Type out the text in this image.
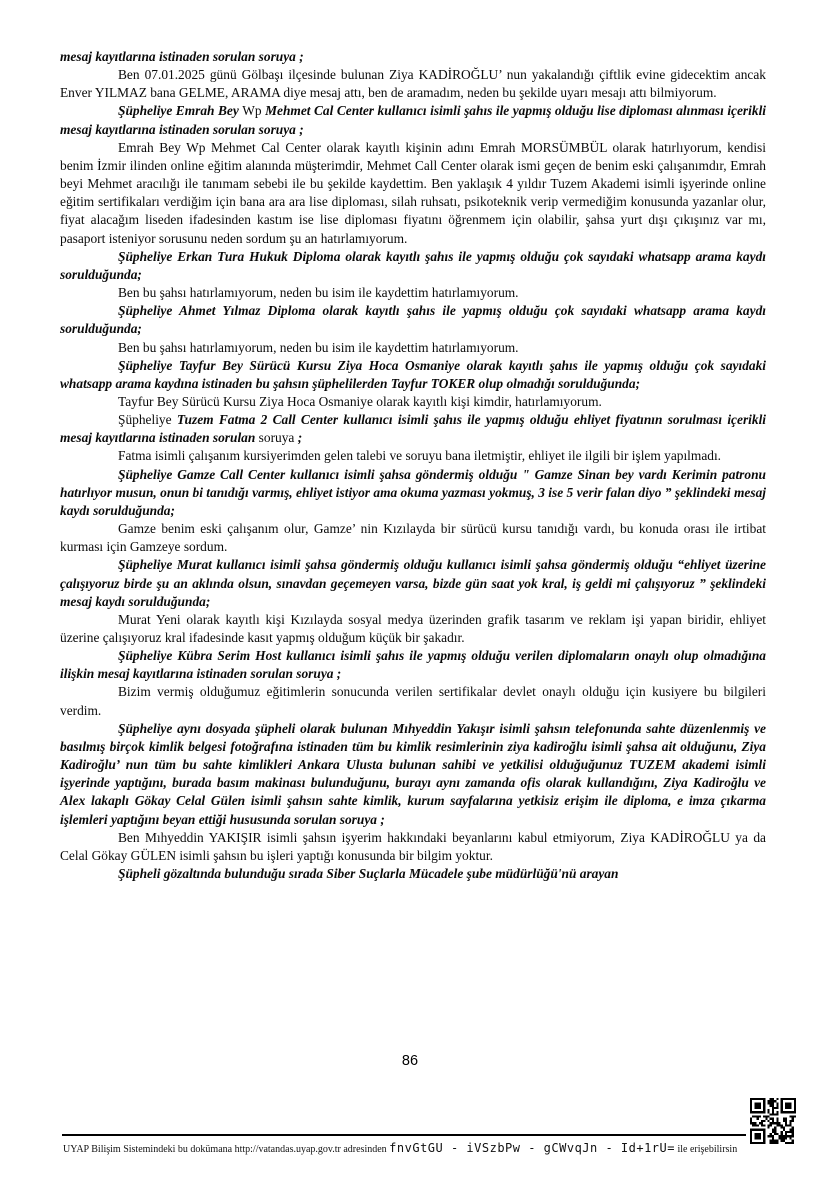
mesaj kayıtlarına istinaden sorulan soruya ;

Ben 07.01.2025 günü Gölbaşı ilçesinde bulunan Ziya KADİROĞLU’ nun yakalandığı çiftlik evine gidecektim ancak Enver YILMAZ bana GELME, ARAMA diye mesaj attı, ben de aramadım, neden bu şekilde uyarı mesajı attı bilmiyorum.

Şüpheliye Emrah Bey Wp Mehmet Cal Center kullanıcı isimli şahıs ile yapmış olduğu lise diploması alınması içerikli mesaj kayıtlarına istinaden sorulan soruya ;

Emrah Bey Wp Mehmet Cal Center olarak kayıtlı kişinin adını Emrah MORSÜMBÜL olarak hatırlıyorum, kendisi benim İzmir ilinden online eğitim alanında müşterimdir, Mehmet Call Center olarak ismi geçen de benim eski çalışanımdır, Emrah beyi Mehmet aracılığı ile tanımam sebebi ile bu şekilde kaydettim. Ben yaklaşık 4 yıldır Tuzem Akademi isimli işyerinde online eğitim sertifikaları verdiğim için bana ara ara lise diploması, silah ruhsatı, psikoteknik verip vermediğim konusunda yazanlar olur, fiyat alacağım liseden ifadesinden kastım ise lise diploması fiyatını öğrenmem için olabilir, şahsa yurt dışı çıkışınız var mı, pasaport isteniyor sorusunu neden sordum şu an hatırlamıyorum.

Şüpheliye Erkan Tura Hukuk Diploma olarak kayıtlı şahıs ile yapmış olduğu çok sayıdaki whatsapp arama kaydı sorulduğunda;

Ben bu şahsı hatırlamıyorum, neden bu isim ile kaydettim hatırlamıyorum.

Şüpheliye Ahmet Yılmaz Diploma olarak kayıtlı şahıs ile yapmış olduğu çok sayıdaki whatsapp arama kaydı sorulduğunda;

Ben bu şahsı hatırlamıyorum, neden bu isim ile kaydettim hatırlamıyorum.

Şüpheliye Tayfur Bey Sürücü Kursu Ziya Hoca Osmaniye olarak kayıtlı şahıs ile yapmış olduğu çok sayıdaki whatsapp arama kaydına istinaden bu şahsın şüphelilerden Tayfur TOKER olup olmadığı sorulduğunda;

Tayfur Bey Sürücü Kursu Ziya Hoca Osmaniye olarak kayıtlı kişi kimdir, hatırlamıyorum.

Şüpheliye Tuzem Fatma 2 Call Center kullanıcı isimli şahıs ile yapmış olduğu ehliyet fiyatının sorulması içerikli mesaj kayıtlarına istinaden sorulan soruya ;

Fatma isimli çalışanım kursiyerimden gelen talebi ve soruyu bana iletmiştir, ehliyet ile ilgili bir işlem yapılmadı.

Şüpheliye Gamze Call Center kullanıcı isimli şahsa göndermiş olduğu " Gamze Sinan bey vardı Kerimin patronu hatırlıyor musun, onun bi tanıdığı varmış, ehliyet istiyor ama okuma yazması yokmuş, 3 ise 5 verir falan diyo ” şeklindeki mesaj kaydı sorulduğunda;

Gamze benim eski çalışanım olur, Gamze’ nin Kızılayda bir sürücü kursu tanıdığı vardı, bu konuda orası ile irtibat kurması için Gamzeye sordum.

Şüpheliye Murat kullanıcı isimli şahsa göndermiş olduğu kullanıcı isimli şahsa göndermiş olduğu “ehliyet üzerine çalışıyoruz birde şu an aklında olsun, sınavdan geçemeyen varsa, bizde gün saat yok kral, iş geldi mi çalışıyoruz ” şeklindeki mesaj kaydı sorulduğunda;

Murat Yeni olarak kayıtlı kişi Kızılayda sosyal medya üzerinden grafik tasarım ve reklam işi yapan biridir, ehliyet üzerine çalışıyoruz kral ifadesinde kasıt yapmış olduğum küçük bir şakadır.

Şüpheliye Kübra Serim Host kullanıcı isimli şahıs ile yapmış olduğu verilen diplomaların onaylı olup olmadığına ilişkin mesaj kayıtlarına istinaden sorulan soruya ;

Bizim vermiş olduğumuz eğitimlerin sonucunda verilen sertifikalar devlet onaylı olduğu için kusiyere bu bilgileri verdim.

Şüpheliye aynı dosyada şüpheli olarak bulunan Mıhyeddin Yakışır isimli şahsın telefonunda sahte düzenlenmiş ve basılmış birçok kimlik belgesi fotoğrafına istinaden tüm bu kimlik resimlerinin ziya kadiroğlu isimli şahsa ait olduğunu, Ziya Kadiroğlu’ nun tüm bu sahte kimlikleri Ankara Ulusta bulunan sahibi ve yetkilisi olduğuğunuz TUZEM akademi isimli işyerinde yaptığını, burada basım makinası bulunduğunu, burayı aynı zamanda ofis olarak kullandığını, Ziya Kadiroğlu ve Alex lakaplı Gökay Celal Gülen isimli şahsın sahte kimlik, kurum sayfalarına yetkisiz erişim ile diploma, e imza çıkarma işlemleri yaptığını beyan ettiği hususunda sorulan soruya ;

Ben Mıhyeddin YAKIŞIR isimli şahsın işyerim hakkındaki beyanlarını kabul etmiyorum, Ziya KADİROĞLU ya da Celal Gökay GÜLEN isimli şahsın bu işleri yaptığı konusunda bir bilgim yoktur.

Şüpheli gözaltında bulunduğu sırada Siber Suçlarla Mücadele şube müdürlüğü'nü arayan

86
UYAP Bilişim Sistemindeki bu dokümana http://vatandas.uyap.gov.tr adresinden fnvGtGU - iVSzbPw - gCWvqJn - Id+1rU= ile erişebilirsin
